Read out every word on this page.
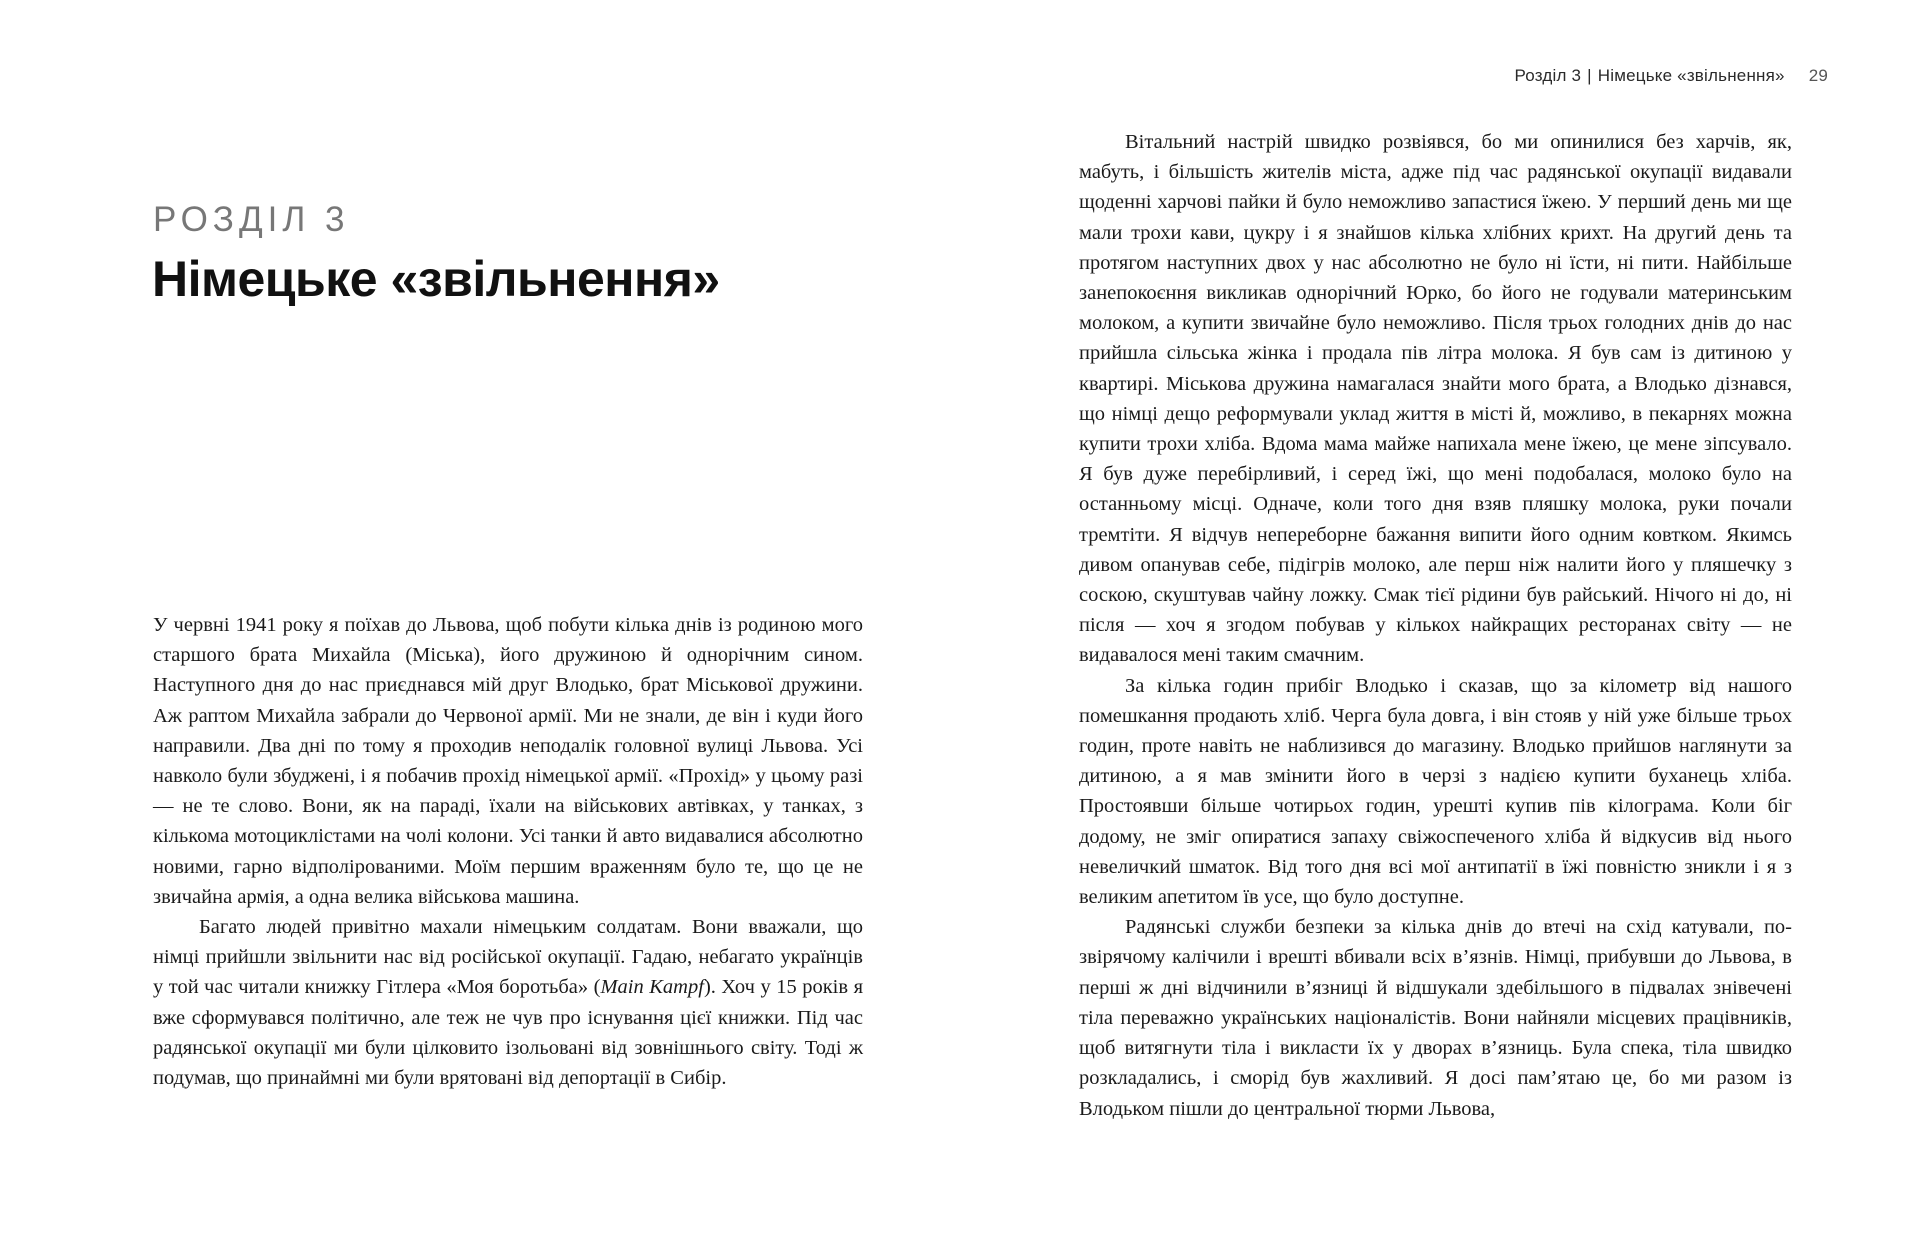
РОЗДІЛ 3
Німецьке «звільнення»

У червні 1941 року я поїхав до Львова, щоб побути кілька днів із родиною мого старшого брата Михайла (Міська), його дружиною й однорічним сином. Наступного дня до нас приєднався мій друг Влодько, брат Міськової дружини. Аж раптом Михайла забрали до Червоної армії. Ми не знали, де він і куди його направили. Два дні по тому я проходив неподалік головної вулиці Львова. Усі навколо були збуджені, і я побачив прохід німецької армії. «Прохід» у цьому разі — не те слово. Вони, як на параді, їхали на військових автівках, у танках, з кількома мотоциклістами на чолі колони. Усі танки й авто видавалися абсолютно новими, гарно відполірованими. Моїм першим враженням було те, що це не звичайна армія, а одна велика військова машина.

Багато людей привітно махали німецьким солдатам. Вони вважали, що німці прийшли звільнити нас від російської окупації. Гадаю, небагато українців у той час читали книжку Гітлера «Моя боротьба» (Main Kampf). Хоч у 15 років я вже сформувався політично, але теж не чув про існування цієї книжки. Під час радянської окупації ми були цілковито ізольовані від зовнішнього світу. Тоді ж подумав, що принаймні ми були врятовані від депортації в Сибір.

Розділ 3 | Німецьке «звільнення» 29

Вітальний настрій швидко розвіявся, бо ми опинилися без харчів, як, мабуть, і більшість жителів міста, адже під час радянської окупації видавали щоденні харчові пайки й було неможливо запастися їжею. У перший день ми ще мали трохи кави, цукру і я знайшов кілька хлібних крихт. На другий день та протягом наступних двох у нас абсолютно не було ні їсти, ні пити. Найбільше занепокоєння викликав однорічний Юрко, бо його не годували материнським молоком, а купити звичайне було неможливо. Після трьох голодних днів до нас прийшла сільська жінка і продала пів літра молока. Я був сам із дитиною у квартирі. Міськова дружина намагалася знайти мого брата, а Влодько дізнався, що німці дещо реформували уклад життя в місті й, можливо, в пекарнях можна купити трохи хліба. Вдома мама майже напихала мене їжею, це мене зіпсувало. Я був дуже перебірливий, і серед їжі, що мені подобалася, молоко було на останньому місці. Одначе, коли того дня взяв пляшку молока, руки почали тремтіти. Я відчув непереборне бажання випити його одним ковтком. Якимсь дивом опанував себе, підігрів молоко, але перш ніж налити його у пляшечку з соскою, скуштував чайну ложку. Смак тієї рідини був райський. Нічого ні до, ні після — хоч я згодом побував у кількох найкращих ресторанах світу — не видавалося мені таким смачним.

За кілька годин прибіг Влодько і сказав, що за кілометр від нашого помешкання продають хліб. Черга була довга, і він стояв у ній уже більше трьох годин, проте навіть не наблизився до магазину. Влодько прийшов наглянути за дитиною, а я мав змінити його в черзі з надією купити буханець хліба. Простоявши більше чотирьох годин, урешті купив пів кілограма. Коли біг додому, не зміг опиратися запаху свіжоспеченого хліба й відкусив від нього невеличкий шматок. Від того дня всі мої антипатії в їжі повністю зникли і я з великим апетитом їв усе, що було доступне.

Радянські служби безпеки за кілька днів до втечі на схід катували, по-звірячому калічили і врешті вбивали всіх в’язнів. Німці, прибувши до Львова, в перші ж дні відчинили в’язниці й відшукали здебільшого в підвалах знівечені тіла переважно українських націоналістів. Вони найняли місцевих працівників, щоб витягнути тіла і викласти їх у дворах в’язниць. Була спека, тіла швидко розкладались, і сморід був жахливий. Я досі пам’ятаю це, бо ми разом із Влодьком пішли до центральної тюрми Львова,
